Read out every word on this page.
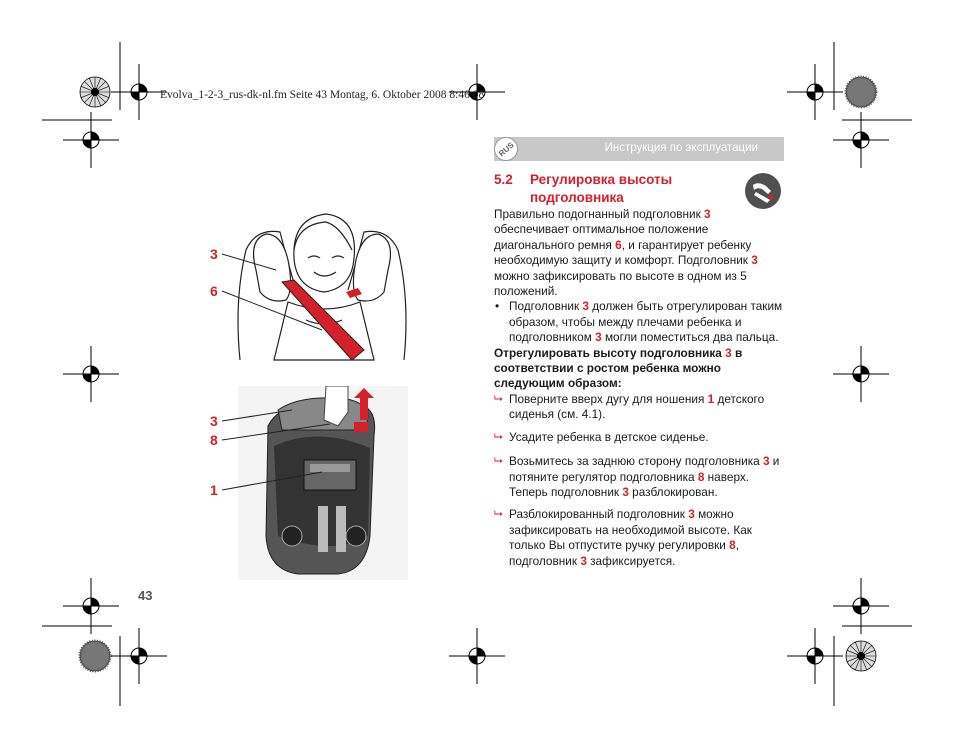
Evolva_1-2-3_rus-dk-nl.fm Seite 43 Montag, 6. Oktober 2008 8:46 08
Инструкция по эксплуатации
RUS
5.2 Регулировка высоты подголовника

Правильно подогнанный подголовник 3 обеспечивает оптимальное положение диагонального ремня 6, и гарантирует ребенку необходимую защиту и комфорт. Подголовник 3 можно зафиксировать по высоте в одном из 5 положений.

• Подголовник 3 должен быть отрегулирован таким образом, чтобы между плечами ребенка и подголовником 3 могли поместиться два пальца.

Отрегулировать высоту подголовника 3 в соответствии с ростом ребенка можно следующим образом:

⮡ Поверните вверх дугу для ношения 1 детского сиденья (см. 4.1).

⮡ Усадите ребенка в детское сиденье.

⮡ Возьмитесь за заднюю сторону подголовника 3 и потяните регулятор подголовника 8 наверх. Теперь подголовник 3 разблокирован.

⮡ Разблокированный подголовник 3 можно зафиксировать на необходимой высоте. Как только Вы отпустите ручку регулировки 8, подголовник 3 зафиксируется.

3
6
3
8
1
43
